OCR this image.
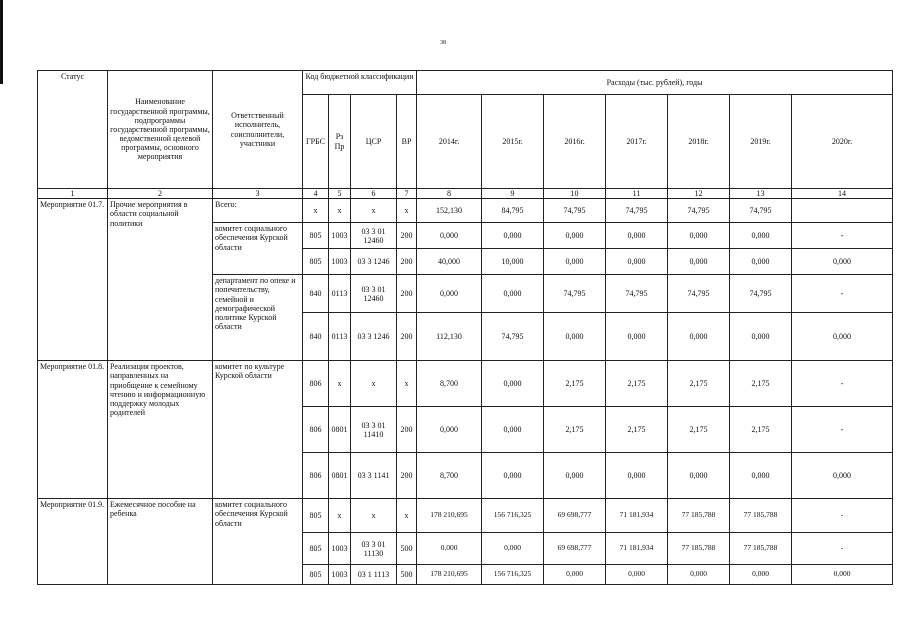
38
Статус	Наименование государственной программы, подпрограммы государственной программы, ведомственной целевой программы, основного мероприятия	Ответственный исполнитель, соисполнители, участники	Код бюджетной классификации				Расходы (тыс. рублей), годы						
			ГРБС	Рз Пр	ЦСР	ВР	2014г.	2015г.	2016г.	2017г.	2018г.	2019г.	2020г.
1	2	3	4	5	6	7	8	9	10	11	12	13	14
Мероприятие 01.7.	Прочие мероприятия в области социальной политики	Всего:	х	х	х	х	152,130	84,795	74,795	74,795	74,795	74,795	
		комитет социального обеспечения Курской области	805	1003	03 3 01 12460	200	0,000	0,000	0,000	0,000	0,000	0,000	-
			805	1003	03 3 1246	200	40,000	10,000	0,000	0,000	0,000	0,000	0,000
		департамент по опеке и попечительству, семейной и демографической политике Курской области	840	0113	03 3 01 12460	200	0,000	0,000	74,795	74,795	74,795	74,795	-
			840	0113	03 3 1246	200	112,130	74,795	0,000	0,000	0,000	0,000	0,000
Мероприятие 01.8.	Реализация проектов, направленных на приобщение к семейному чтению и информационную поддержку молодых родителей	комитет по культуре Курской области	806	х	х	х	8,700	0,000	2,175	2,175	2,175	2,175	-
			806	0801	03 3 01 11410	200	0,000	0,000	2,175	2,175	2,175	2,175	-
			806	0801	03 3 1141	200	8,700	0,000	0,000	0,000	0,000	0,000	0,000
Мероприятие 01.9.	Ежемесячное пособие на ребенка	комитет социального обеспечения Курской области	805	х	х	х	178 210,695	156 716,325	69 698,777	71 181,934	77 185,788	77 185,788	-
			805	1003	03 3 01 11130	500	0,000	0,000	69 698,777	71 181,934	77 185,788	77 185,788	-
			805	1003	03 1 1113	500	178 210,695	156 716,325	0,000	0,000	0,000	0,000	0,000
